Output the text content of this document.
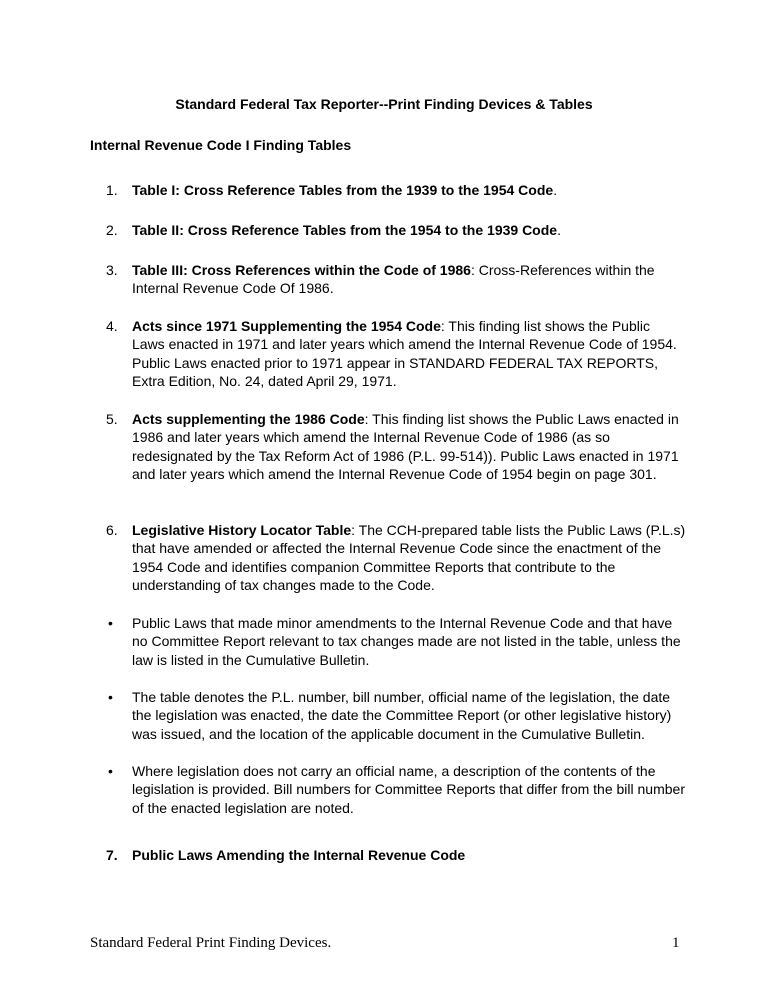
Standard Federal Tax Reporter--Print Finding Devices & Tables
Internal Revenue Code I Finding Tables
1. Table I: Cross Reference Tables from the 1939 to the 1954 Code.
2. Table II: Cross Reference Tables from the 1954 to the 1939 Code.
3. Table III: Cross References within the Code of 1986: Cross-References within the Internal Revenue Code Of 1986.
4. Acts since 1971 Supplementing the 1954 Code: This finding list shows the Public Laws enacted in 1971 and later years which amend the Internal Revenue Code of 1954. Public Laws enacted prior to 1971 appear in STANDARD FEDERAL TAX REPORTS, Extra Edition, No. 24, dated April 29, 1971.
5. Acts supplementing the 1986 Code: This finding list shows the Public Laws enacted in 1986 and later years which amend the Internal Revenue Code of 1986 (as so redesignated by the Tax Reform Act of 1986 (P.L. 99-514)). Public Laws enacted in 1971 and later years which amend the Internal Revenue Code of 1954 begin on page 301.
6. Legislative History Locator Table: The CCH-prepared table lists the Public Laws (P.L.s) that have amended or affected the Internal Revenue Code since the enactment of the 1954 Code and identifies companion Committee Reports that contribute to the understanding of tax changes made to the Code.
• Public Laws that made minor amendments to the Internal Revenue Code and that have no Committee Report relevant to tax changes made are not listed in the table, unless the law is listed in the Cumulative Bulletin.
• The table denotes the P.L. number, bill number, official name of the legislation, the date the legislation was enacted, the date the Committee Report (or other legislative history) was issued, and the location of the applicable document in the Cumulative Bulletin.
• Where legislation does not carry an official name, a description of the contents of the legislation is provided. Bill numbers for Committee Reports that differ from the bill number of the enacted legislation are noted.
7. Public Laws Amending the Internal Revenue Code
Standard Federal Print Finding Devices.	1
